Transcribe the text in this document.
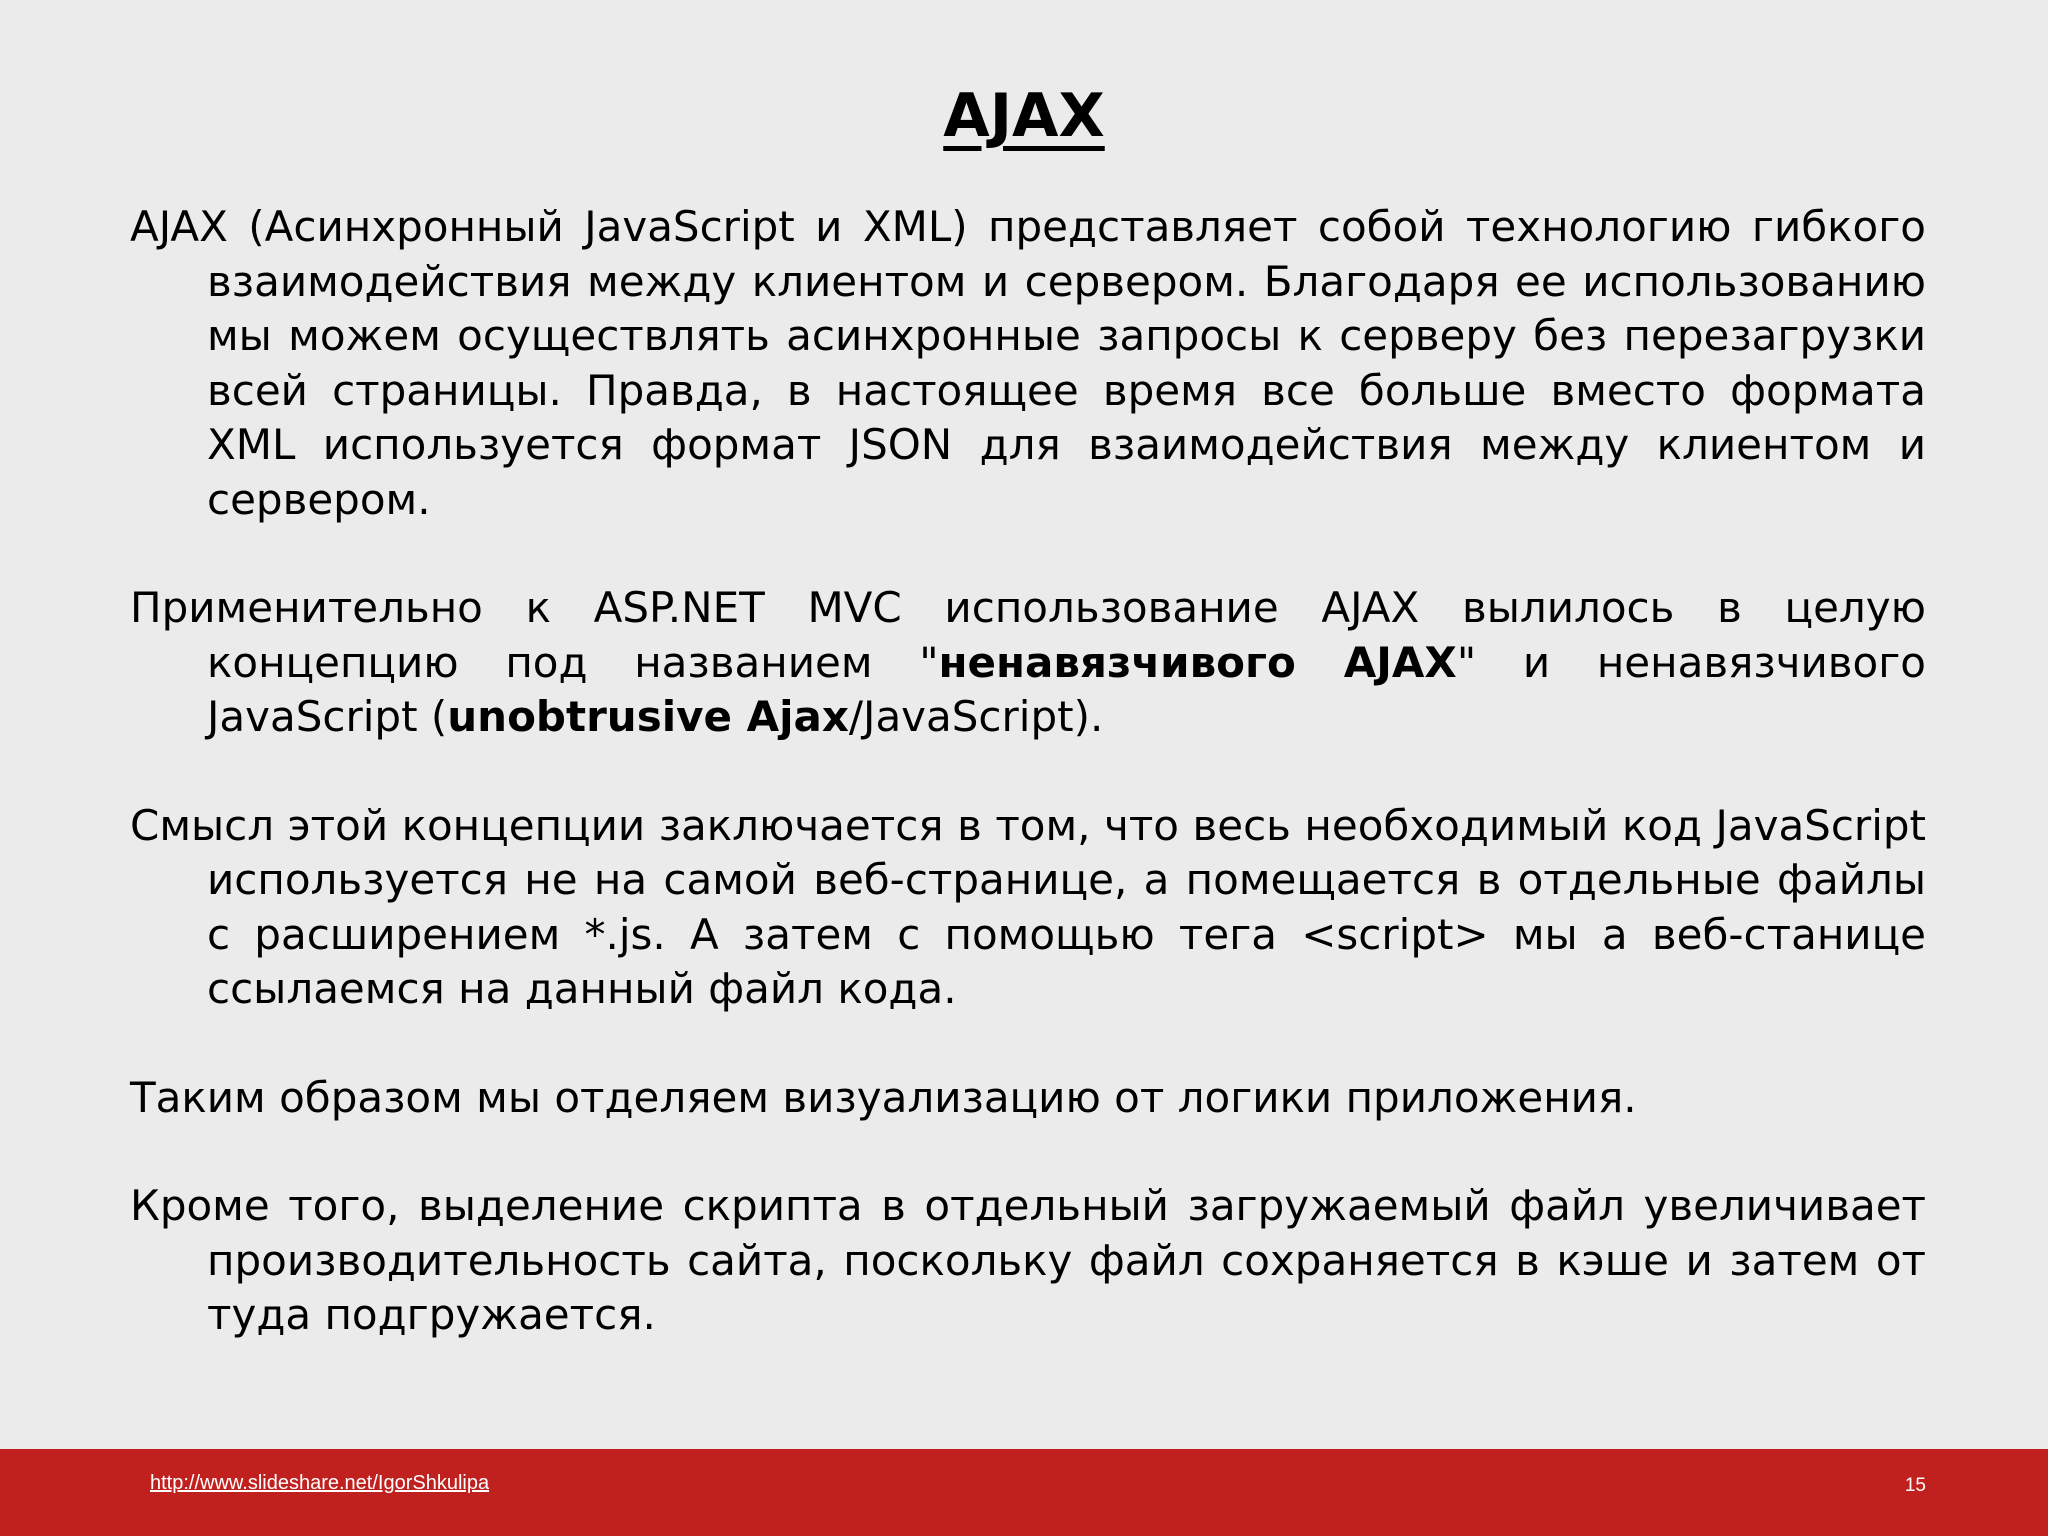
AJAX

AJAX (Асинхронный JavaScript и XML) представляет собой технологию гибкого взаимодействия между клиентом и сервером. Благодаря ее использованию мы можем осуществлять асинхронные запросы к серверу без перезагрузки всей страницы. Правда, в настоящее время все больше вместо формата XML используется формат JSON для взаимодействия между клиентом и сервером.

Применительно к ASP.NET MVC использование AJAX вылилось в целую концепцию под названием "ненавязчивого AJAX" и ненавязчивого JavaScript (unobtrusive Ajax/JavaScript).

Смысл этой концепции заключается в том, что весь необходимый код JavaScript используется не на самой веб-странице, а помещается в отдельные файлы с расширением *.js. А затем с помощью тега <script> мы а веб-станице ссылаемся на данный файл кода.

Таким образом мы отделяем визуализацию от логики приложения.

Кроме того, выделение скрипта в отдельный загружаемый файл увеличивает производительность сайта, поскольку файл сохраняется в кэше и затем от туда подгружается.

http://www.slideshare.net/IgorShkulipa	15
